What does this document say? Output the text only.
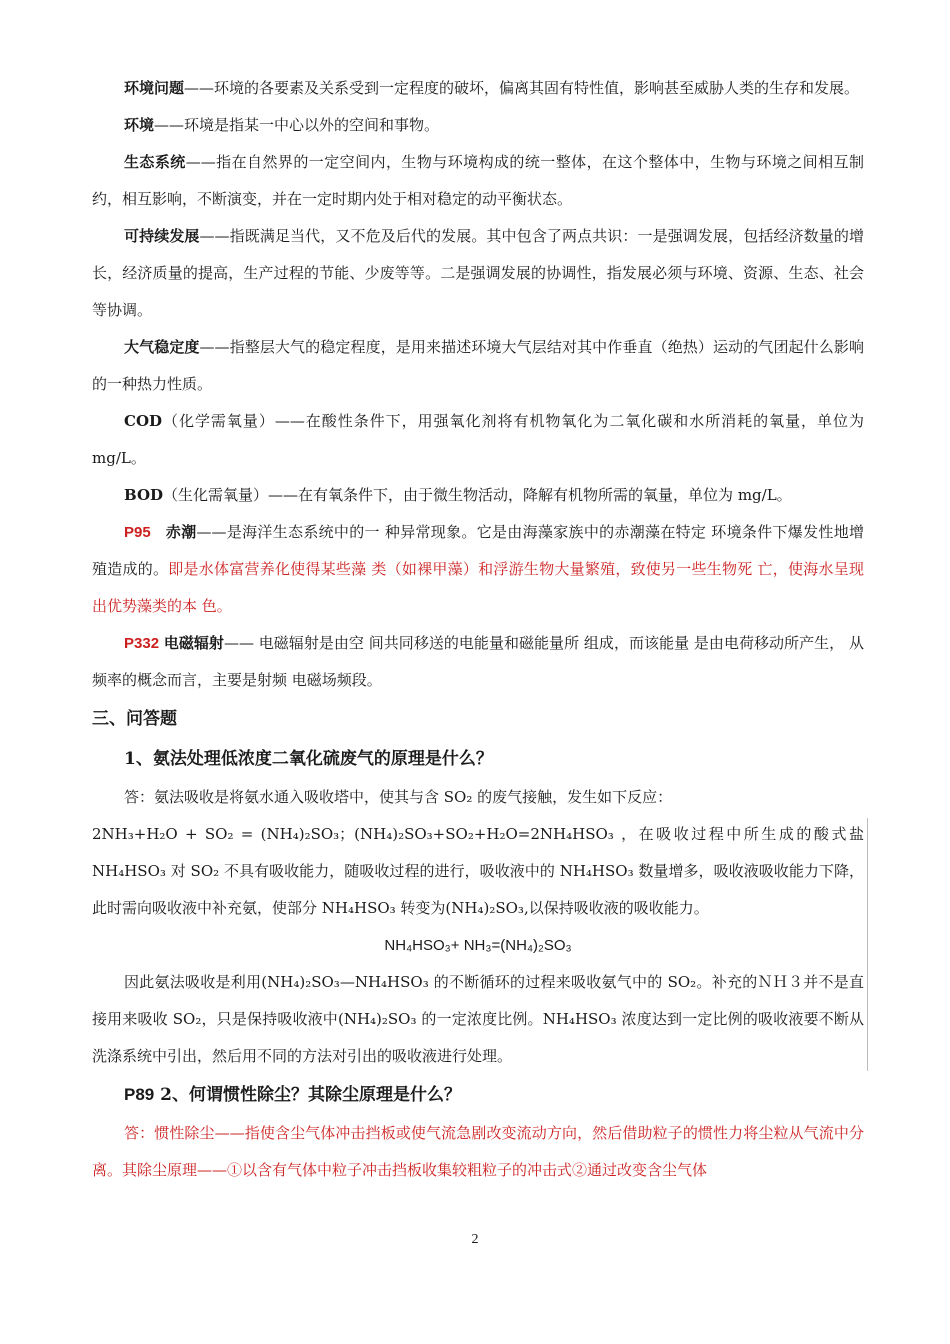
环境问题——环境的各要素及关系受到一定程度的破坏，偏离其固有特性值，影响甚至威胁人类的生存和发展。

环境——环境是指某一中心以外的空间和事物。

生态系统——指在自然界的一定空间内，生物与环境构成的统一整体，在这个整体中，生物与环境之间相互制约，相互影响，不断演变，并在一定时期内处于相对稳定的动平衡状态。

可持续发展——指既满足当代，又不危及后代的发展。其中包含了两点共识：一是强调发展，包括经济数量的增长，经济质量的提高，生产过程的节能、少废等等。二是强调发展的协调性，指发展必须与环境、资源、生态、社会等协调。

大气稳定度——指整层大气的稳定程度，是用来描述环境大气层结对其中作垂直（绝热）运动的气团起什么影响的一种热力性质。

COD（化学需氧量）——在酸性条件下，用强氧化剂将有机物氧化为二氧化碳和水所消耗的氧量，单位为 mg/L。

BOD（生化需氧量）——在有氧条件下，由于微生物活动，降解有机物所需的氧量，单位为 mg/L。

P95 赤潮——是海洋生态系统中的一 种异常现象。它是由海藻家族中的赤潮藻在特定 环境条件下爆发性地增 殖造成的。即是水体富营养化使得某些藻 类（如裸甲藻）和浮游生物大量繁殖，致使另一些生物死 亡，使海水呈现出优势藻类的本 色。

P332 电磁辐射—— 电磁辐射是由空 间共同移送的电能量和磁能量所 组成，而该能量 是由电荷移动所产生， 从频率的概念而言，主要是射频 电磁场频段。

三、问答题

1、氨法处理低浓度二氧化硫废气的原理是什么？

答：氨法吸收是将氨水通入吸收塔中，使其与含 SO₂ 的废气接触，发生如下反应：

2NH₃+H₂O + SO₂ = (NH₄)₂SO₃；(NH₄)₂SO₃+SO₂+H₂O=2NH₄HSO₃ ，在吸收过程中所生成的酸式盐NH₄HSO₃ 对 SO₂ 不具有吸收能力，随吸收过程的进行，吸收液中的 NH₄HSO₃ 数量增多，吸收液吸收能力下降，此时需向吸收液中补充氨，使部分 NH₄HSO₃ 转变为(NH₄)₂SO₃,以保持吸收液的吸收能力。

NH₄HSO₃+ NH₃=(NH₄)₂SO₃

因此氨法吸收是利用(NH₄)₂SO₃—NH₄HSO₃ 的不断循环的过程来吸收氨气中的 SO₂。补充的ＮＨ３并不是直接用来吸收 SO₂，只是保持吸收液中(NH₄)₂SO₃ 的一定浓度比例。NH₄HSO₃ 浓度达到一定比例的吸收液要不断从洗涤系统中引出，然后用不同的方法对引出的吸收液进行处理。

P89 2、何谓惯性除尘？其除尘原理是什么？

答：惯性除尘——指使含尘气体冲击挡板或使气流急剧改变流动方向，然后借助粒子的惯性力将尘粒从气流中分离。其除尘原理——①以含有气体中粒子冲击挡板收集较粗粒子的冲击式②通过改变含尘气体

2
